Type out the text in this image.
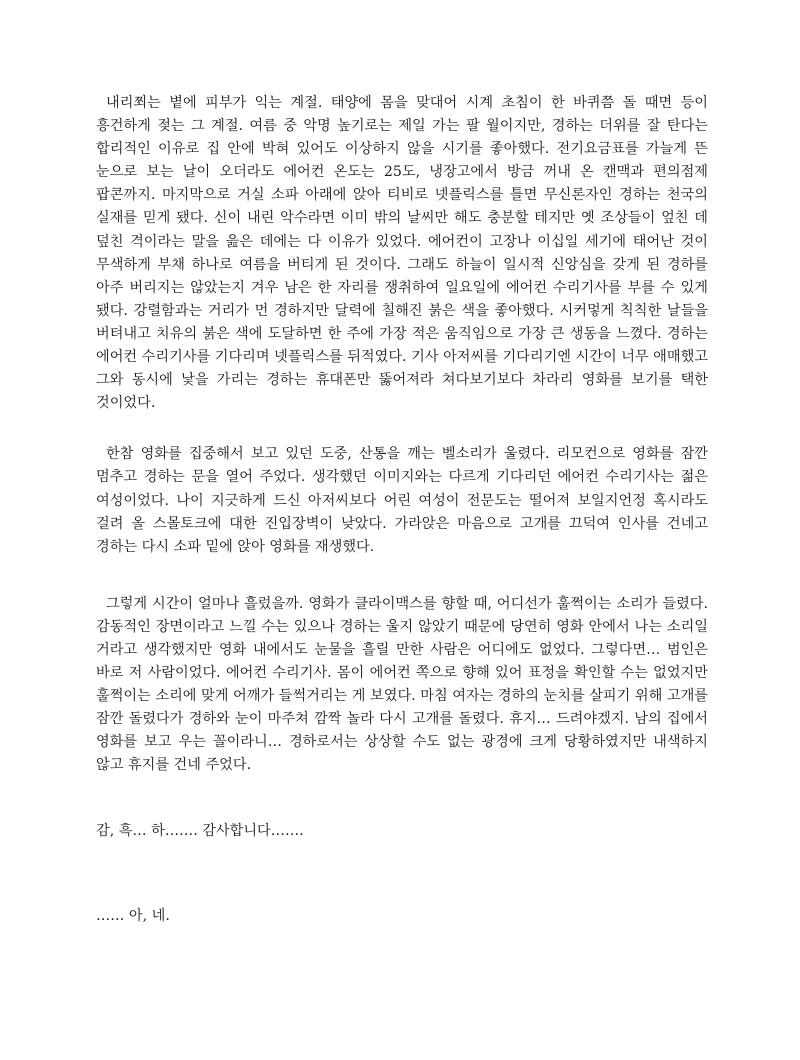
내리쬐는 볕에 피부가 익는 계절. 태양에 몸을 맞대어 시계 초침이 한 바퀴쯤 돌 때면 등이 흥건하게 젖는 그 계절. 여름 중 악명 높기로는 제일 가는 팔 월이지만, 경하는 더위를 잘 탄다는 합리적인 이유로 집 안에 박혀 있어도 이상하지 않을 시기를 좋아했다. 전기요금표를 가늘게 뜬 눈으로 보는 날이 오더라도 에어컨 온도는 25도, 냉장고에서 방금 꺼내 온 캔맥과 편의점제 팝콘까지. 마지막으로 거실 소파 아래에 앉아 티비로 넷플릭스를 틀면 무신론자인 경하는 천국의 실재를 믿게 됐다. 신이 내린 악수라면 이미 밖의 날씨만 해도 충분할 테지만 옛 조상들이 엎친 데 덮친 격이라는 말을 읊은 데에는 다 이유가 있었다. 에어컨이 고장나 이십일 세기에 태어난 것이 무색하게 부채 하나로 여름을 버티게 된 것이다. 그래도 하늘이 일시적 신앙심을 갖게 된 경하를 아주 버리지는 않았는지 겨우 남은 한 자리를 쟁취하여 일요일에 에어컨 수리기사를 부를 수 있게 됐다. 강렬함과는 거리가 먼 경하지만 달력에 칠해진 붉은 색을 좋아했다. 시커멓게 칙칙한 날들을 버텨내고 치유의 붉은 색에 도달하면 한 주에 가장 적은 움직임으로 가장 큰 생동을 느꼈다. 경하는 에어컨 수리기사를 기다리며 넷플릭스를 뒤적였다. 기사 아저씨를 기다리기엔 시간이 너무 애매했고 그와 동시에 낯을 가리는 경하는 휴대폰만 뚫어져라 쳐다보기보다 차라리 영화를 보기를 택한 것이었다.

한참 영화를 집중해서 보고 있던 도중, 산통을 깨는 벨소리가 울렸다. 리모컨으로 영화를 잠깐 멈추고 경하는 문을 열어 주었다. 생각했던 이미지와는 다르게 기다리던 에어컨 수리기사는 젊은 여성이었다. 나이 지긋하게 드신 아저씨보다 어린 여성이 전문도는 떨어져 보일지언정 혹시라도 걸려 올 스몰토크에 대한 진입장벽이 낮았다. 가라앉은 마음으로 고개를 끄덕여 인사를 건네고 경하는 다시 소파 밑에 앉아 영화를 재생했다.

그렇게 시간이 얼마나 흘렀을까. 영화가 클라이맥스를 향할 때, 어디선가 훌쩍이는 소리가 들렸다. 감동적인 장면이라고 느낄 수는 있으나 경하는 울지 않았기 때문에 당연히 영화 안에서 나는 소리일 거라고 생각했지만 영화 내에서도 눈물을 흘릴 만한 사람은 어디에도 없었다. 그렇다면… 범인은 바로 저 사람이었다. 에어컨 수리기사. 몸이 에어컨 쪽으로 향해 있어 표정을 확인할 수는 없었지만 훌쩍이는 소리에 맞게 어깨가 들썩거리는 게 보였다. 마침 여자는 경하의 눈치를 살피기 위해 고개를 잠깐 돌렸다가 경하와 눈이 마주쳐 깜짝 놀라 다시 고개를 돌렸다. 휴지… 드려야겠지. 남의 집에서 영화를 보고 우는 꼴이라니… 경하로서는 상상할 수도 없는 광경에 크게 당황하였지만 내색하지 않고 휴지를 건네 주었다.

감, 흑… 하……. 감사합니다…….

…… 아, 네.
